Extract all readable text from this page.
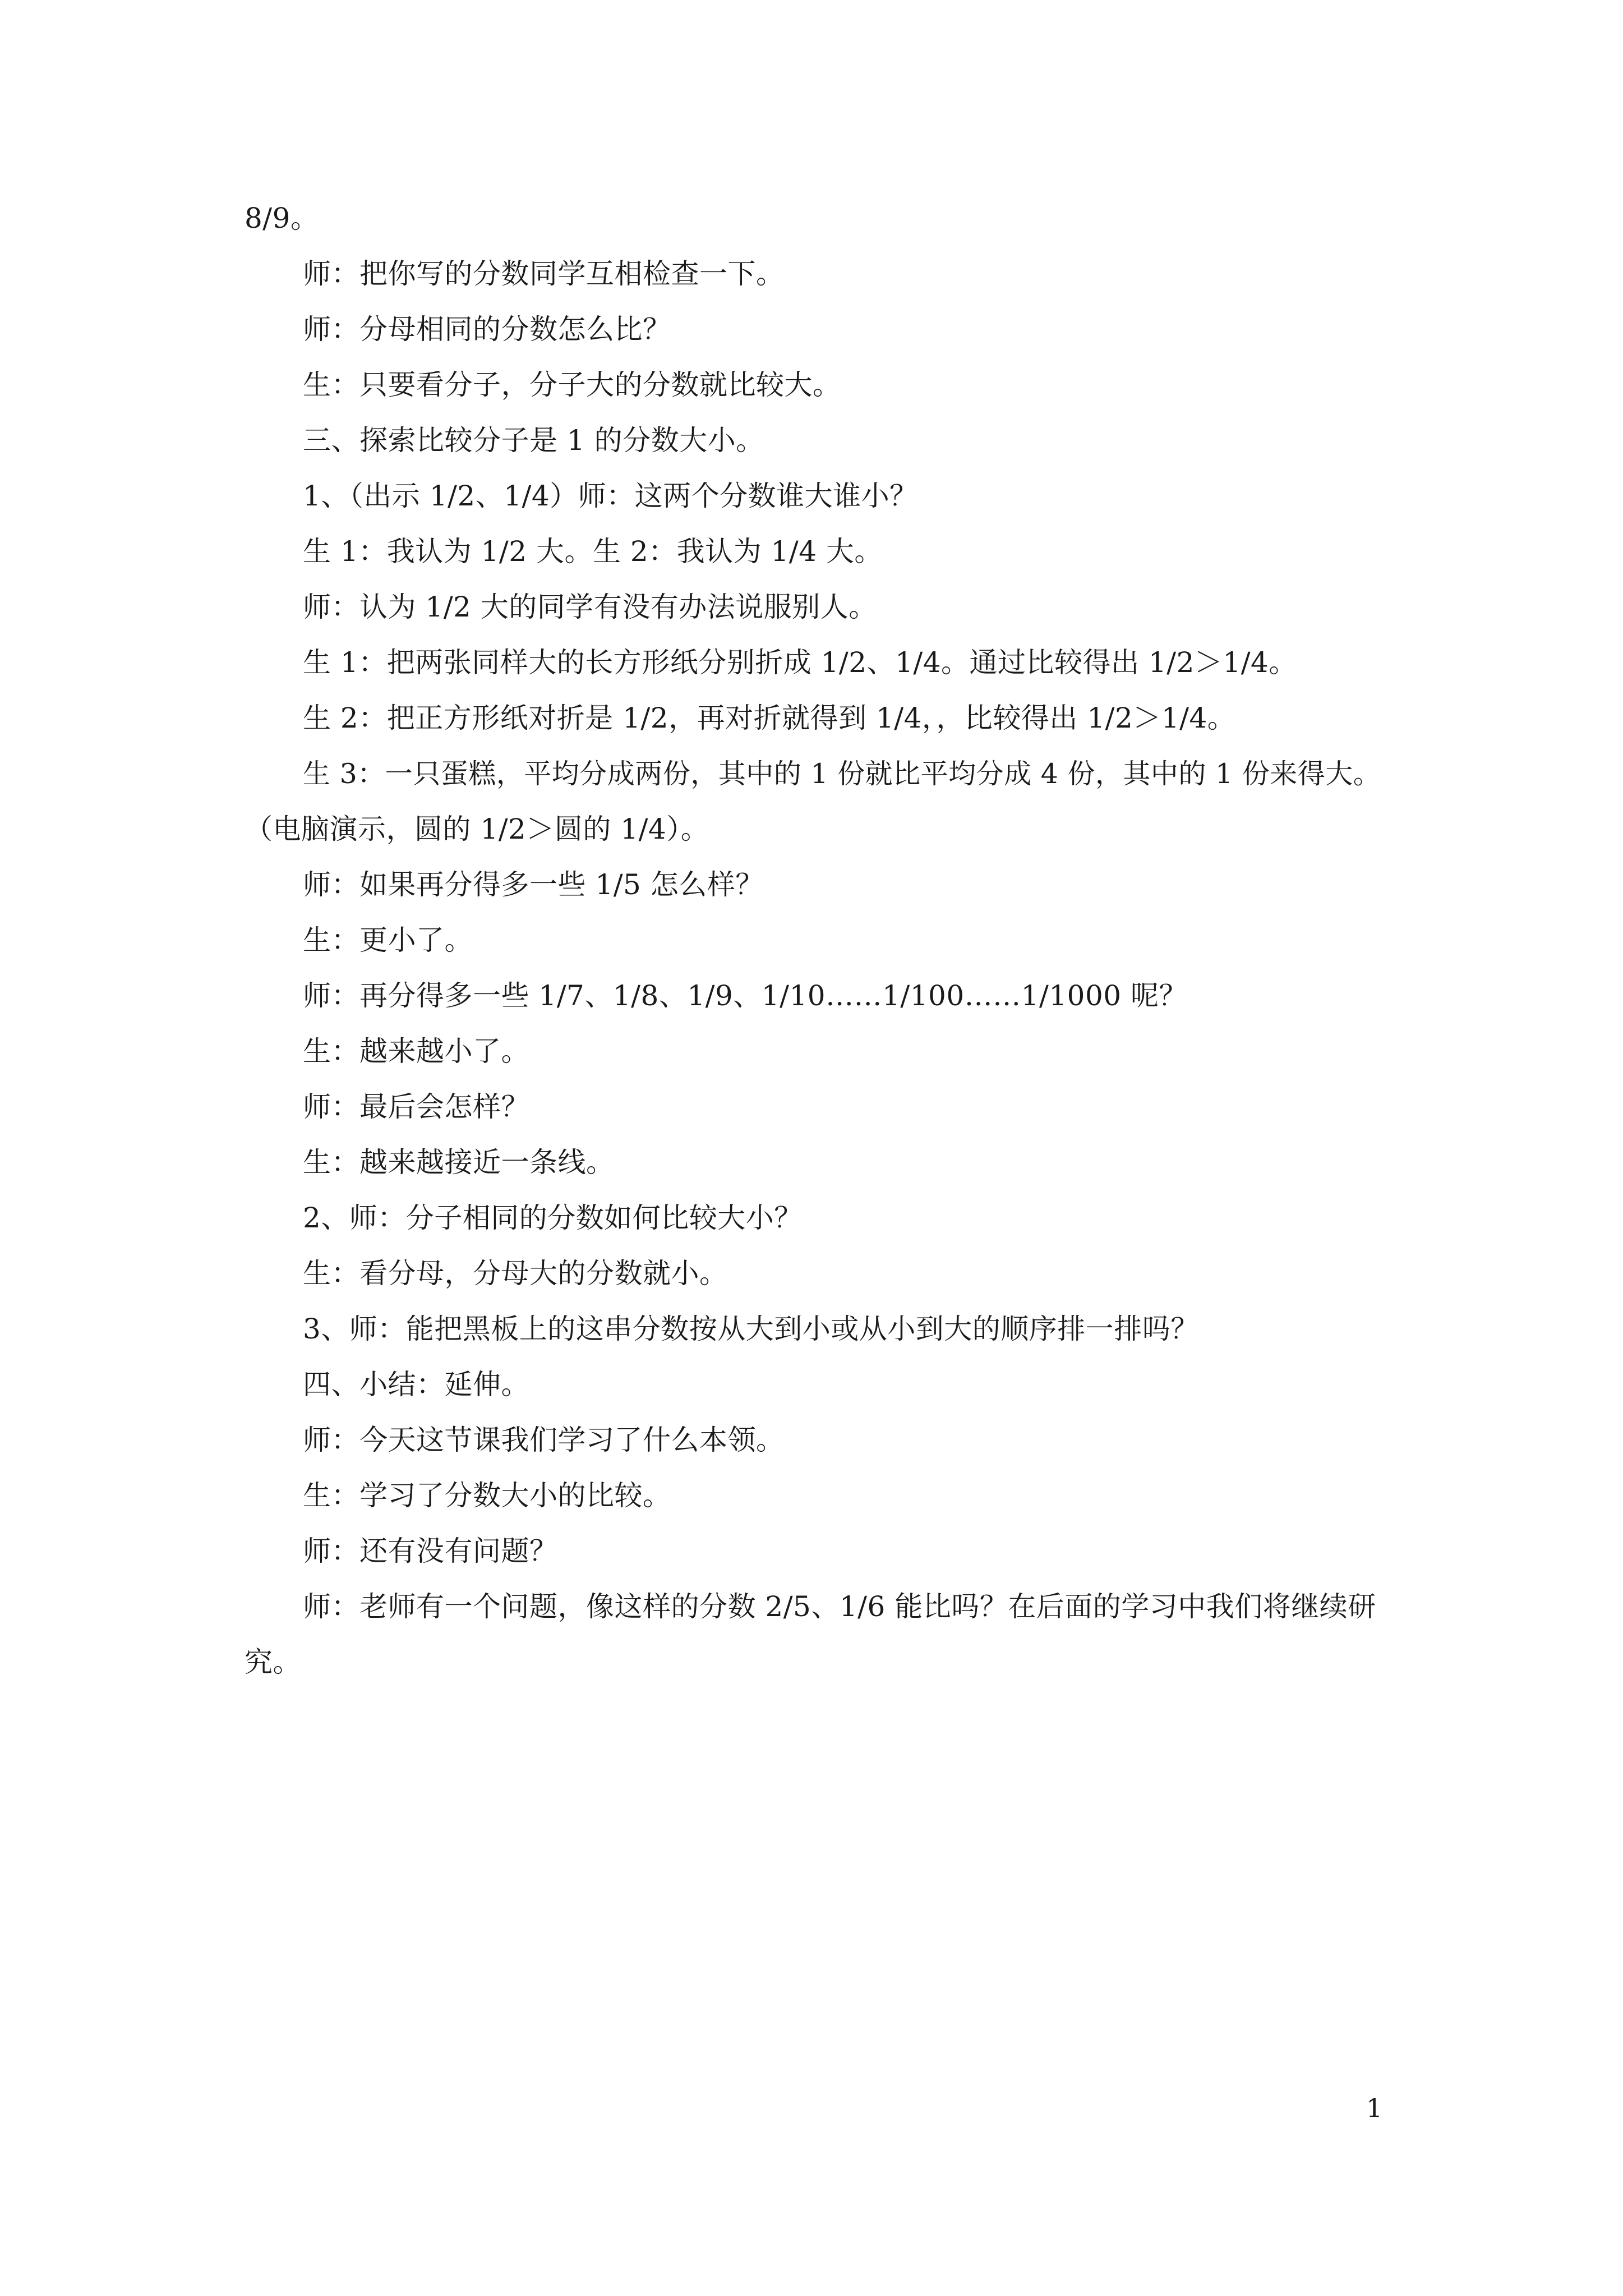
8/9。
师：把你写的分数同学互相检查一下。
师：分母相同的分数怎么比？
生：只要看分子，分子大的分数就比较大。
三、探索比较分子是 1 的分数大小。
1、（出示 1/2、1/4）师：这两个分数谁大谁小？
生 1：我认为 1/2 大。生 2：我认为 1/4 大。
师：认为 1/2 大的同学有没有办法说服别人。
生 1：把两张同样大的长方形纸分别折成 1/2、1/4。通过比较得出 1/2＞1/4。
生 2：把正方形纸对折是 1/2，再对折就得到 1/4，，比较得出 1/2＞1/4。
生 3：一只蛋糕，平均分成两份，其中的 1 份就比平均分成 4 份，其中的 1 份来得大。
（电脑演示，圆的 1/2＞圆的 1/4）。
师：如果再分得多一些 1/5 怎么样？
生：更小了。
师：再分得多一些 1/7、1/8、1/9、1/10……1/100……1/1000 呢？
生：越来越小了。
师：最后会怎样？
生：越来越接近一条线。
2、师：分子相同的分数如何比较大小？
生：看分母，分母大的分数就小。
3、师：能把黑板上的这串分数按从大到小或从小到大的顺序排一排吗？
四、小结：延伸。
师：今天这节课我们学习了什么本领。
生：学习了分数大小的比较。
师：还有没有问题？
师：老师有一个问题，像这样的分数 2/5、1/6 能比吗？在后面的学习中我们将继续研
究。
1
